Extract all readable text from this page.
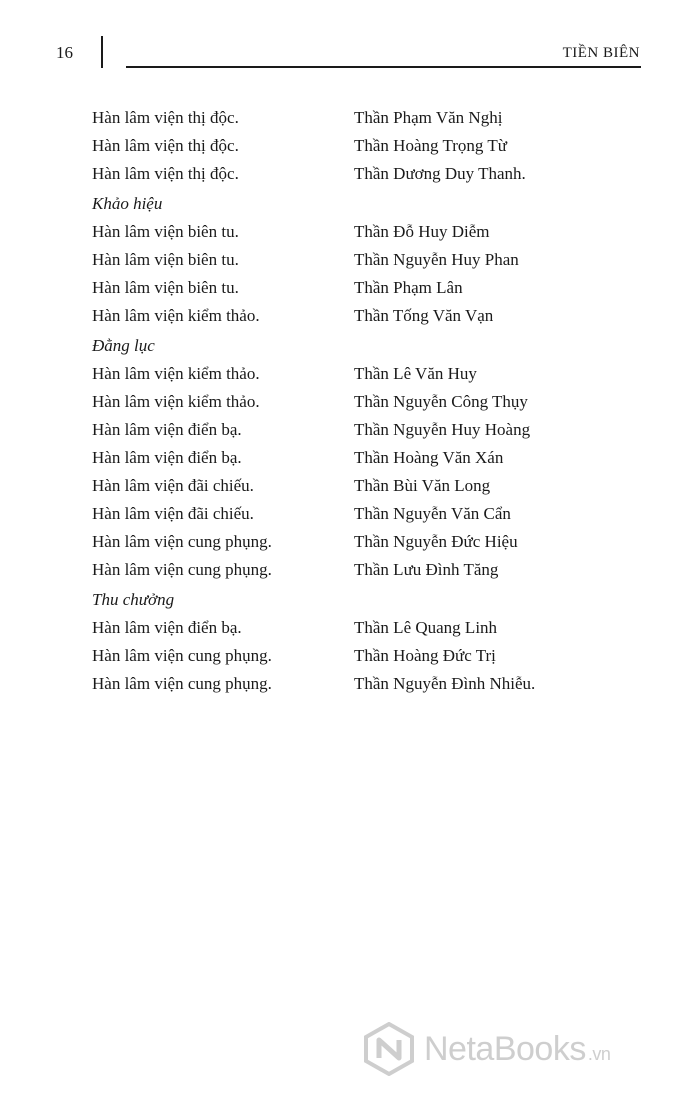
16	TIỀN BIÊN
Hàn lâm viện thị độc.	Thần Phạm Văn Nghị
Hàn lâm viện thị độc.	Thần Hoàng Trọng Từ
Hàn lâm viện thị độc.	Thần Dương Duy Thanh.
Khảo hiệu
Hàn lâm viện biên tu.	Thần Đỗ Huy Diễm
Hàn lâm viện biên tu.	Thần Nguyễn Huy Phan
Hàn lâm viện biên tu.	Thần Phạm Lân
Hàn lâm viện kiểm thảo.	Thần Tống Văn Vạn
Đằng lục
Hàn lâm viện kiểm thảo.	Thần Lê Văn Huy
Hàn lâm viện kiểm thảo.	Thần Nguyễn Công Thụy
Hàn lâm viện điển bạ.	Thần Nguyễn Huy Hoàng
Hàn lâm viện điển bạ.	Thần Hoàng Văn Xán
Hàn lâm viện đãi chiếu.	Thần Bùi Văn Long
Hàn lâm viện đãi chiếu.	Thần Nguyễn Văn Cẩn
Hàn lâm viện cung phụng.	Thần Nguyễn Đức Hiệu
Hàn lâm viện cung phụng.	Thần Lưu Đình Tăng
Thu chưởng
Hàn lâm viện điển bạ.	Thần Lê Quang Linh
Hàn lâm viện cung phụng.	Thần Hoàng Đức Trị
Hàn lâm viện cung phụng.	Thần Nguyễn Đình Nhiễu.
NetaBooks .vn
